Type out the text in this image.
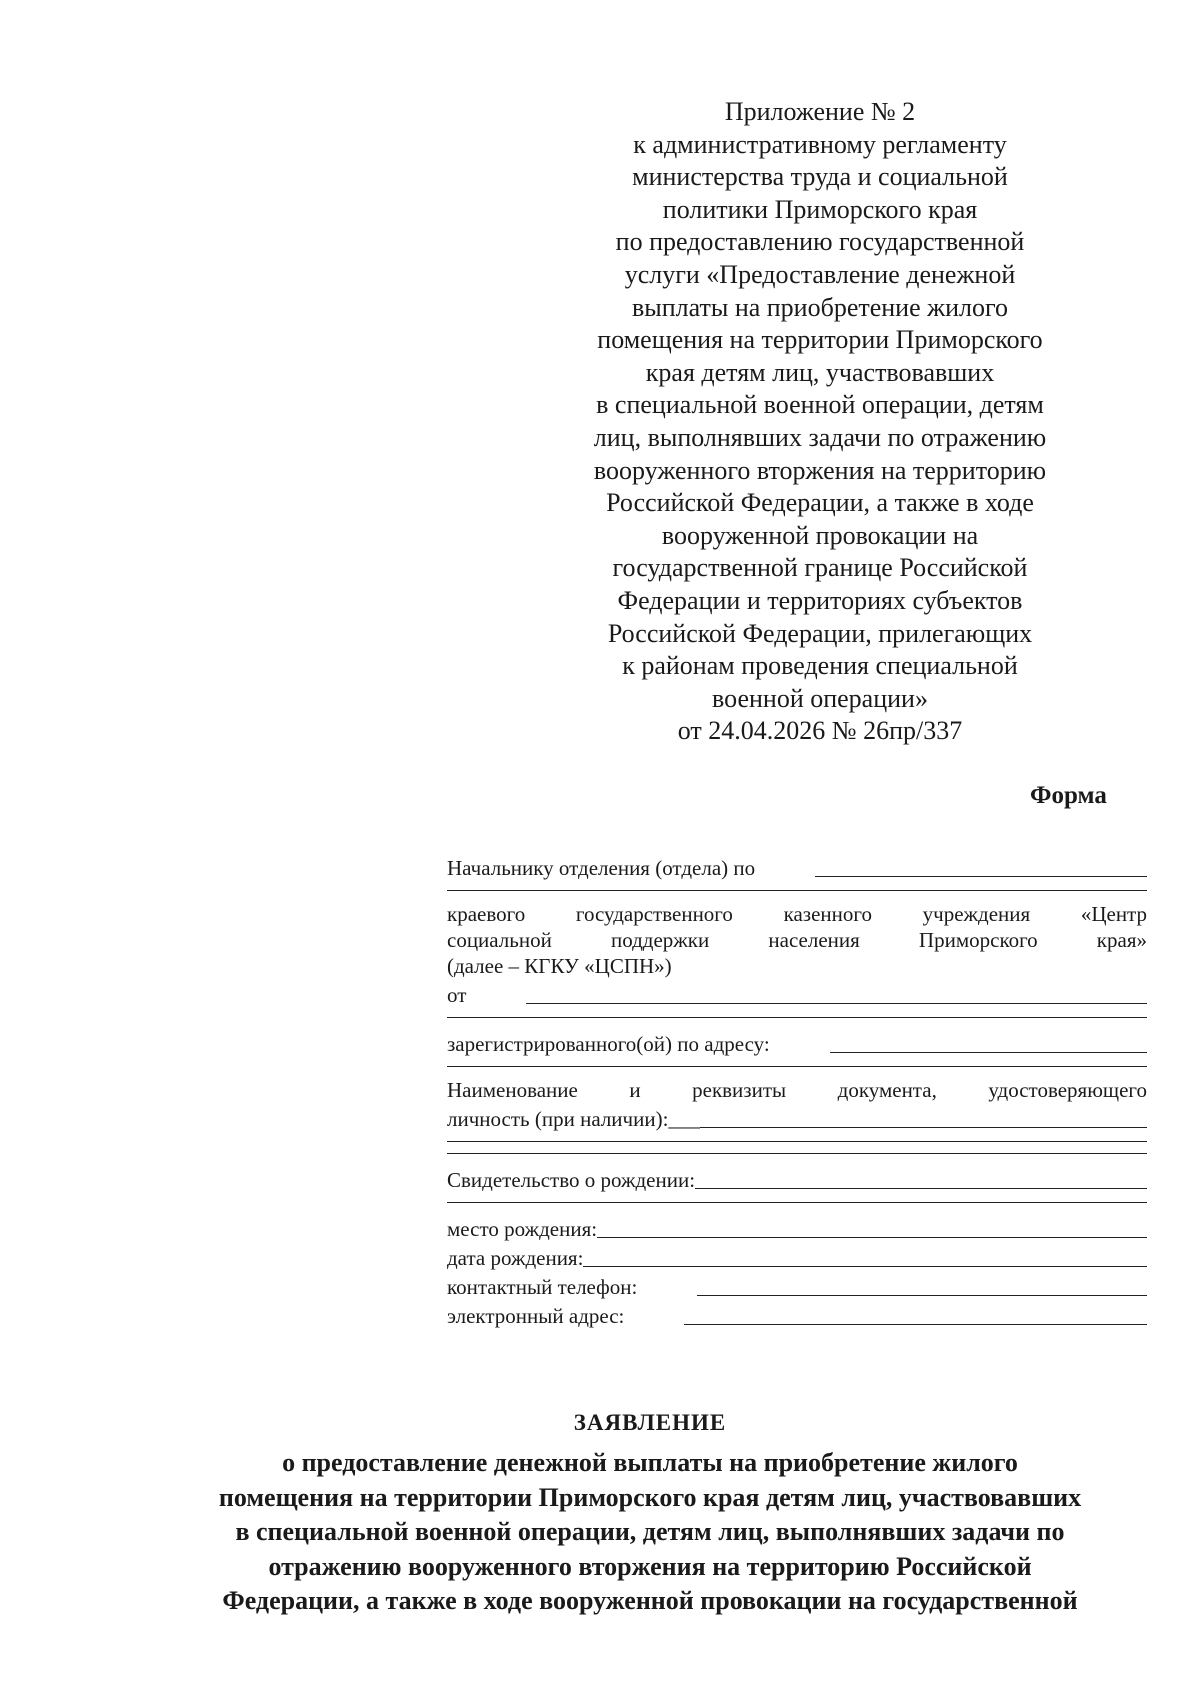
Приложение № 2
к административному регламенту
министерства труда и социальной
политики Приморского края
по предоставлению государственной
услуги «Предоставление денежной
выплаты на приобретение жилого
помещения на территории Приморского
края детям лиц, участвовавших
в специальной военной операции, детям
лиц, выполнявших задачи по отражению
вооруженного вторжения на территорию
Российской Федерации, а также в ходе
вооруженной провокации на
государственной границе Российской
Федерации и территориях субъектов
Российской Федерации, прилегающих
к районам проведения специальной
военной операции»
от 24.04.2026 № 26пр/337
Форма
Начальнику отделения (отдела) по
краевого государственного казенного учреждения «Центр
социальной поддержки населения Приморского края»
(далее – КГКУ «ЦСПН»)
от
зарегистрированного(ой) по адресу:
Наименование и реквизиты документа, удостоверяющего
личность (при наличии):___
Свидетельство о рождении:
место рождения:
дата рождения:
контактный телефон:
электронный адрес:
ЗАЯВЛЕНИЕ
о предоставление денежной выплаты на приобретение жилого
помещения на территории Приморского края детям лиц, участвовавших
в специальной военной операции, детям лиц, выполнявших задачи по
отражению вооруженного вторжения на территорию Российской
Федерации, а также в ходе вооруженной провокации на государственной
